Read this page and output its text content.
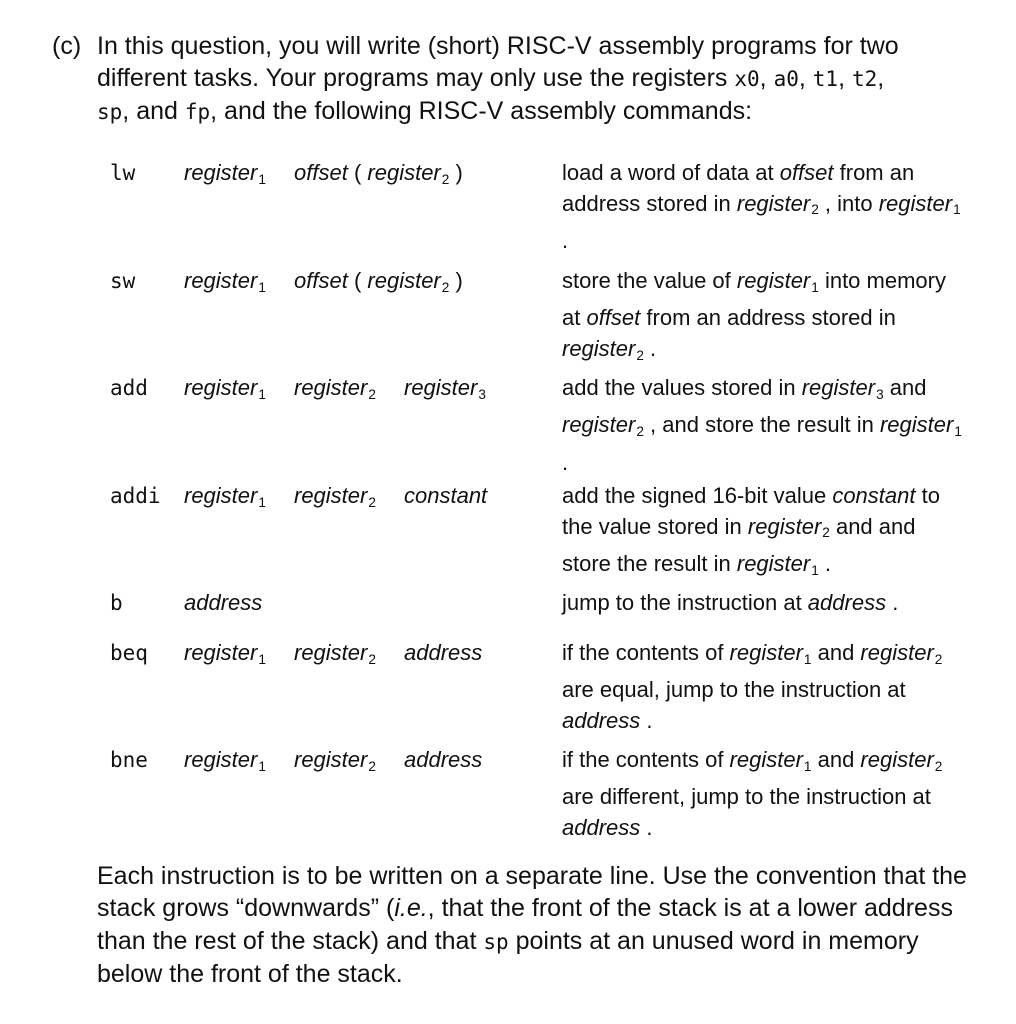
(c) In this question, you will write (short) RISC-V assembly programs for two different tasks. Your programs may only use the registers x0, a0, t1, t2,
sp, and fp, and the following RISC-V assembly commands:
lw register$_1$ offset ( register$_2$ )	load a word of data at offset from an address stored in register$_2$ , into register$_1$ .
sw register$_1$ offset ( register$_2$ )	store the value of register$_1$ into memory at offset from an address stored in register$_2$ .
add register$_1$ register$_2$ register$_3$	add the values stored in register$_3$ and register$_2$ , and store the result in register$_1$ .
addi register$_1$ register$_2$ constant	add the signed 16-bit value constant to the value stored in register$_2$ and and store the result in register$_1$ .
b	address	jump to the instruction at address .
beq register$_1$ register$_2$ address	if the contents of register$_1$ and register$_2$ are equal, jump to the instruction at address .
bne register$_1$ register$_2$ address	if the contents of register$_1$ and register$_2$ are different, jump to the instruction at address .
Each instruction is to be written on a separate line. Use the convention that the stack grows “downwards” (i.e., that the front of the stack is at a lower address than the rest of the stack) and that sp points at an unused word in memory below the front of the stack.
